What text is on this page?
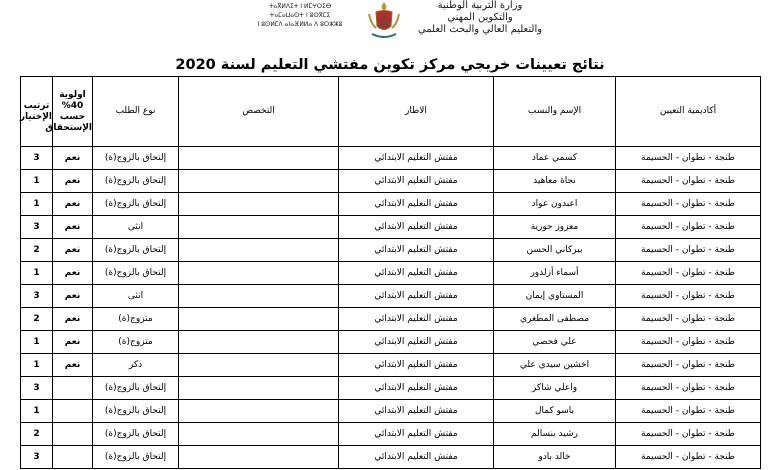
ⵜⴰⴳⵍⴷⵉⵜ ⵏ ⵍⵎⵖⵔⵉⴱ
ⵜⴰⵎⴰⵡⴰⵙⵜ ⵏ ⵓⵙⴳⵎⵉ
ⵏ ⵓⵙⵍⵎⴷ ⴰⵏⴰⴼⵍⵍⴰ ⴷ ⵓⵔⵣⵣⵓ
وزارة التربية الوطنية
والتكوين المهني
والتعليم العالي والبحث العلمي
نتائج تعيينات خريجي مركز تكوين مفتشي التعليم لسنة 2020
أكاديمية التعيين	الإسم والنسب	الاطار	التخصص	نوع الطلب	اولوية 40% حسب الإستحقاق	ترتيب الإختيار
طنجة - تطوان - الحسيمة	كسمي عماد	مفتش التعليم الابتدائي		إلتحاق بالزوج(ة)	نعم	3
طنجة - تطوان - الحسيمة	نجاة معاهيد	مفتش التعليم الابتدائي		إلتحاق بالزوج(ة)	نعم	1
طنجة - تطوان - الحسيمة	اعبدون عواد	مفتش التعليم الابتدائي		إلتحاق بالزوج(ة)	نعم	1
طنجة - تطوان - الحسيمة	معزوز حورية	مفتش التعليم الابتدائي		انثى	نعم	3
طنجة - تطوان - الحسيمة	بيركاني الحسن	مفتش التعليم الابتدائي		إلتحاق بالزوج(ة)	نعم	2
طنجة - تطوان - الحسيمة	أسماء أزلدور	مفتش التعليم الابتدائي		إلتحاق بالزوج(ة)	نعم	1
طنجة - تطوان - الحسيمة	المستاوي إيمان	مفتش التعليم الابتدائي		انثى	نعم	3
طنجة - تطوان - الحسيمة	مصطفى المطغري	مفتش التعليم الابتدائي		متزوج(ة)	نعم	2
طنجة - تطوان - الحسيمة	علي فحصي	مفتش التعليم الابتدائي		متزوج(ة)	نعم	1
طنجة - تطوان - الحسيمة	اخشين سيدي علي	مفتش التعليم الابتدائي		ذكر	نعم	1
طنجة - تطوان - الحسيمة	واعلي شاكر	مفتش التعليم الابتدائي		إلتحاق بالزوج(ة)		3
طنجة - تطوان - الحسيمة	باسو كمال	مفتش التعليم الابتدائي		إلتحاق بالزوج(ة)		1
طنجة - تطوان - الحسيمة	رشيد بنسالم	مفتش التعليم الابتدائي		إلتحاق بالزوج(ة)		2
طنجة - تطوان - الحسيمة	خالد بادو	مفتش التعليم الابتدائي		إلتحاق بالزوج(ة)		3
